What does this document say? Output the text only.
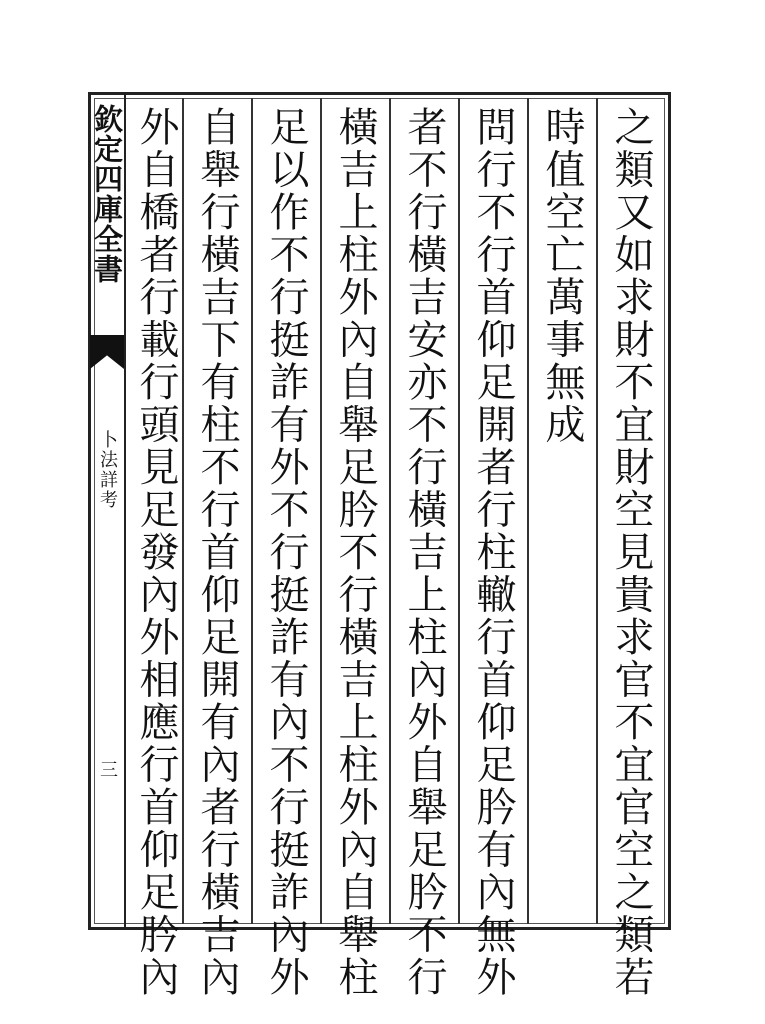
欽定四庫全書
卜法詳考
三	之類又如求財不宜財空見貴求官不宜官空之類若
時值空亡萬事無成
問行不行首仰足開者行柱轍行首仰足肣有內無外
者不行橫吉安亦不行橫吉上柱內外自舉足肣不行
橫吉上柱外內自舉足肣不行橫吉上柱外內自舉柱
足以作不行挺詐有外不行挺詐有內不行挺詐內外
自舉行橫吉下有柱不行首仰足開有內者行橫吉內
外自橋者行載行頭見足發內外相應行首仰足肣內
